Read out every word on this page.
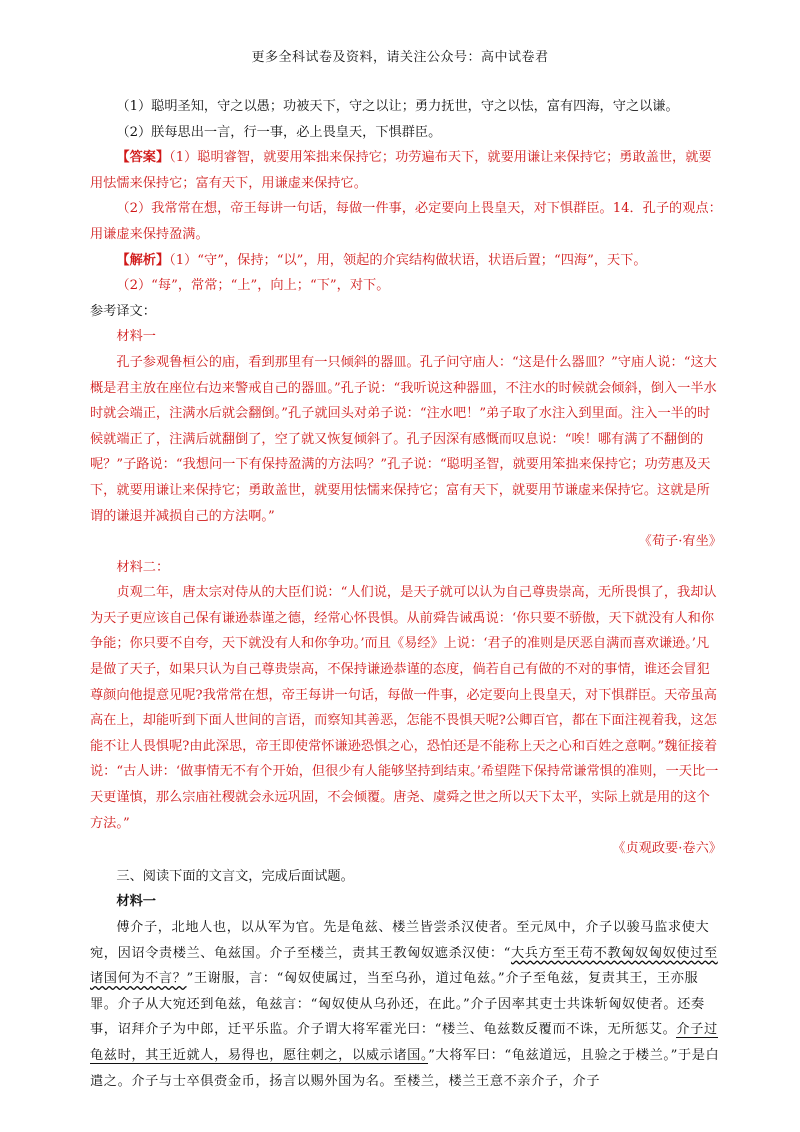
更多全科试卷及资料，请关注公众号：高中试卷君

（1）聪明圣知，守之以愚；功被天下，守之以让；勇力抚世，守之以怯，富有四海，守之以谦。

（2）朕每思出一言，行一事，必上畏皇天，下惧群臣。

【答案】（1）聪明睿智，就要用笨拙来保持它；功劳遍布天下，就要用谦让来保持它；勇敢盖世，就要用怯懦来保持它；富有天下，用谦虚来保持它。

（2）我常常在想，帝王每讲一句话，每做一件事，必定要向上畏皇天，对下惧群臣。14．孔子的观点：用谦虚来保持盈满。

【解析】（1）“守”，保持；“以”，用，领起的介宾结构做状语，状语后置；“四海”，天下。

（2）“每”，常常；“上”，向上；“下”，对下。

参考译文：

材料一

孔子参观鲁桓公的庙，看到那里有一只倾斜的器皿。孔子问守庙人：“这是什么器皿？”守庙人说：“这大概是君主放在座位右边来警戒自己的器皿。”孔子说：“我听说这种器皿，不注水的时候就会倾斜，倒入一半水时就会端正，注满水后就会翻倒。”孔子就回头对弟子说：“注水吧！”弟子取了水注入到里面。注入一半的时候就端正了，注满后就翻倒了，空了就又恢复倾斜了。孔子因深有感慨而叹息说：“唉！哪有满了不翻倒的呢？”子路说：“我想问一下有保持盈满的方法吗？”孔子说：“聪明圣智，就要用笨拙来保持它；功劳惠及天下，就要用谦让来保持它；勇敢盖世，就要用怯懦来保持它；富有天下，就要用节谦虚来保持它。这就是所谓的谦退并减损自己的方法啊。”

《荀子·宥坐》

材料二：

贞观二年，唐太宗对侍从的大臣们说：“人们说，是天子就可以认为自己尊贵崇高，无所畏惧了，我却认为天子更应该自己保有谦逊恭谨之德，经常心怀畏惧。从前舜告诫禹说：‘你只要不骄傲，天下就没有人和你争能；你只要不自夸，天下就没有人和你争功。’而且《易经》上说：‘君子的准则是厌恶自满而喜欢谦逊。’凡是做了天子，如果只认为自己尊贵崇高，不保持谦逊恭谨的态度，倘若自己有做的不对的事情，谁还会冒犯尊颜向他提意见呢?我常常在想，帝王每讲一句话，每做一件事，必定要向上畏皇天，对下惧群臣。天帝虽高高在上，却能听到下面人世间的言语，而察知其善恶，怎能不畏惧天呢?公卿百官，都在下面注视着我，这怎能不让人畏惧呢?由此深思，帝王即使常怀谦逊恐惧之心，恐怕还是不能称上天之心和百姓之意啊。”魏征接着说：“古人讲：‘做事情无不有个开始，但很少有人能够坚持到结束。’希望陛下保持常谦常惧的准则，一天比一天更谨慎，那么宗庙社稷就会永远巩固，不会倾覆。唐尧、虞舜之世之所以天下太平，实际上就是用的这个方法。”

《贞观政要·卷六》

三、阅读下面的文言文，完成后面试题。

材料一

傅介子，北地人也，以从军为官。先是龟兹、楼兰皆尝杀汉使者。至元凤中，介子以骏马监求使大宛，因诏令责楼兰、龟兹国。介子至楼兰，责其王教匈奴遮杀汉使：“大兵方至王苟不教匈奴匈奴使过至诸国何为不言？”王谢服，言：“匈奴使属过，当至乌孙，道过龟兹。”介子至龟兹，复责其王，王亦服罪。介子从大宛还到龟兹，龟兹言：“匈奴使从乌孙还，在此。”介子因率其吏士共诛斩匈奴使者。还奏事，诏拜介子为中郎，迁平乐监。介子谓大将军霍光曰：“楼兰、龟兹数反覆而不诛，无所惩艾。介子过龟兹时，其王近就人，易得也，愿往刺之，以威示诸国。”大将军曰：“龟兹道远，且验之于楼兰。”于是白遣之。介子与士卒俱赍金币，扬言以赐外国为名。至楼兰，楼兰王意不亲介子，介子
